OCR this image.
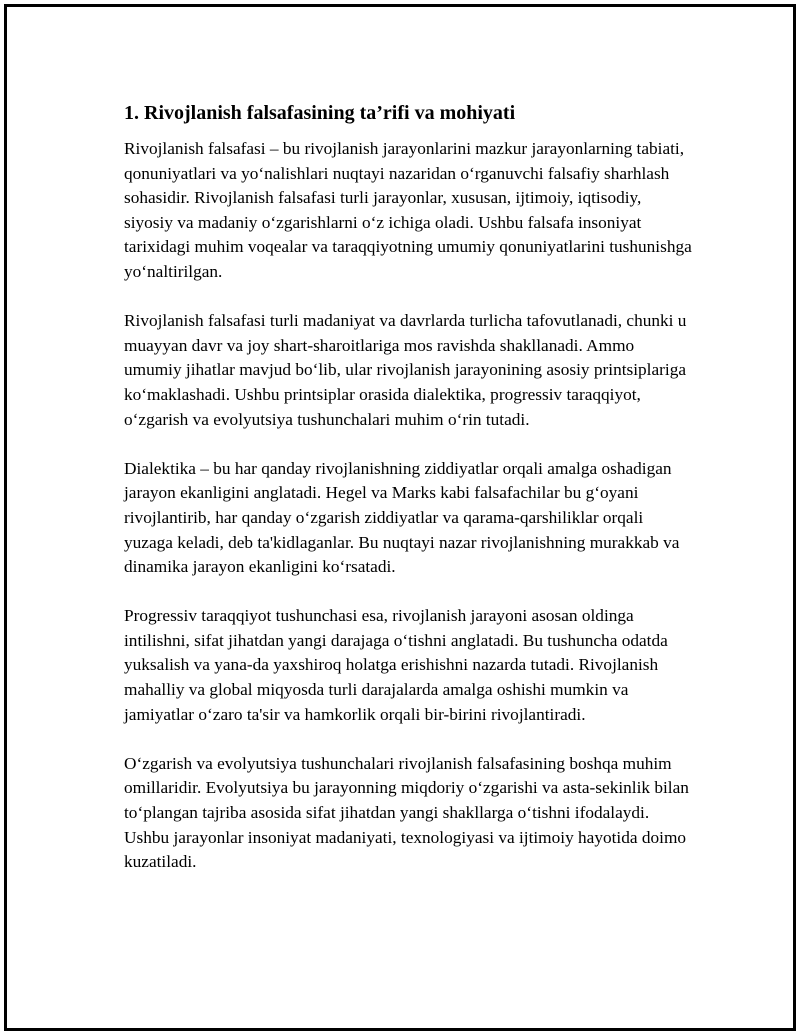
1. Rivojlanish falsafasining ta’rifi va mohiyati

Rivojlanish falsafasi – bu rivojlanish jarayonlarini mazkur jarayonlarning tabiati, qonuniyatlari va yoʻnalishlari nuqtayi nazaridan oʻrganuvchi falsafiy sharhlash sohasidir. Rivojlanish falsafasi turli jarayonlar, xususan, ijtimoiy, iqtisodiy, siyosiy va madaniy oʻzgarishlarni oʻz ichiga oladi. Ushbu falsafa insoniyat tarixidagi muhim voqealar va taraqqiyotning umumiy qonuniyatlarini tushunishga yoʻnaltirilgan.

Rivojlanish falsafasi turli madaniyat va davrlarda turlicha tafovutlanadi, chunki u muayyan davr va joy shart-sharoitlariga mos ravishda shakllanadi. Ammo umumiy jihatlar mavjud boʻlib, ular rivojlanish jarayonining asosiy printsiplariga koʻmaklashadi. Ushbu printsiplar orasida dialektika, progressiv taraqqiyot, oʻzgarish va evolyutsiya tushunchalari muhim oʻrin tutadi.

Dialektika – bu har qanday rivojlanishning ziddiyatlar orqali amalga oshadigan jarayon ekanligini anglatadi. Hegel va Marks kabi falsafachilar bu gʻoyani rivojlantirib, har qanday oʻzgarish ziddiyatlar va qarama-qarshiliklar orqali yuzaga keladi, deb ta'kidlaganlar. Bu nuqtayi nazar rivojlanishning murakkab va dinamika jarayon ekanligini koʻrsatadi.

Progressiv taraqqiyot tushunchasi esa, rivojlanish jarayoni asosan oldinga intilishni, sifat jihatdan yangi darajaga oʻtishni anglatadi. Bu tushuncha odatda yuksalish va yana-da yaxshiroq holatga erishishni nazarda tutadi. Rivojlanish mahalliy va global miqyosda turli darajalarda amalga oshishi mumkin va jamiyatlar oʻzaro ta'sir va hamkorlik orqali bir-birini rivojlantiradi.

Oʻzgarish va evolyutsiya tushunchalari rivojlanish falsafasining boshqa muhim omillaridir. Evolyutsiya bu jarayonning miqdoriy oʻzgarishi va asta-sekinlik bilan toʻplangan tajriba asosida sifat jihatdan yangi shakllarga oʻtishni ifodalaydi. Ushbu jarayonlar insoniyat madaniyati, texnologiyasi va ijtimoiy hayotida doimo kuzatiladi.
